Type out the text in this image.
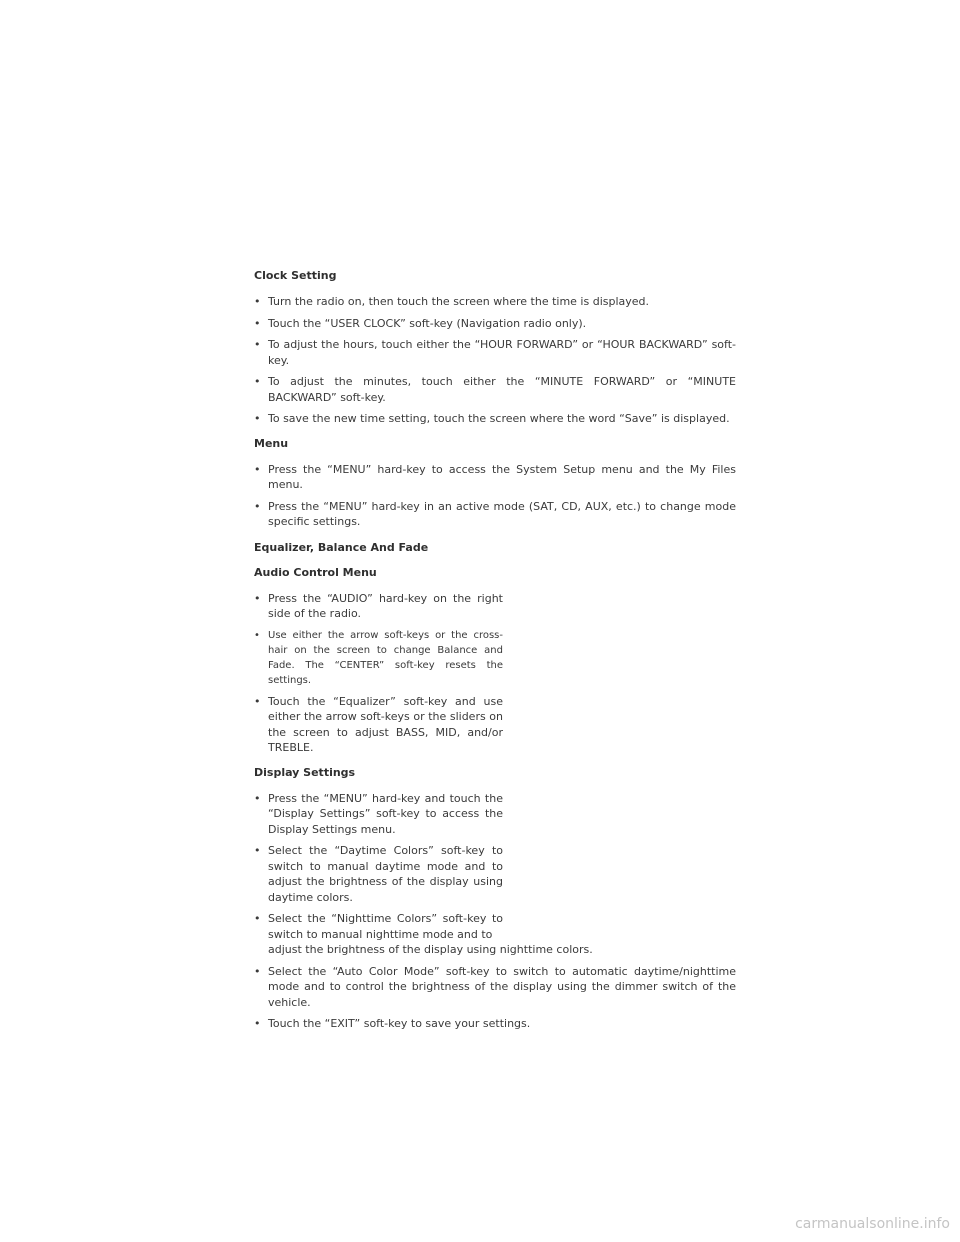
Clock Setting

• Turn the radio on, then touch the screen where the time is displayed.

• Touch the “USER CLOCK” soft-key (Navigation radio only).

• To adjust the hours, touch either the “HOUR FORWARD” or “HOUR BACKWARD” soft-key.

• To adjust the minutes, touch either the “MINUTE FORWARD” or “MINUTE BACKWARD” soft-key.

• To save the new time setting, touch the screen where the word “Save” is displayed.

Menu

• Press the “MENU” hard-key to access the System Setup menu and the My Files menu.

• Press the “MENU” hard-key in an active mode (SAT, CD, AUX, etc.) to change mode specific settings.

Equalizer, Balance And Fade

Audio Control Menu

• Press the “AUDIO” hard-key on the right side of the radio.

• Use either the arrow soft-keys or the cross-hair on the screen to change Balance and Fade. The “CENTER” soft-key resets the settings.

• Touch the “Equalizer” soft-key and use either the arrow soft-keys or the sliders on the screen to adjust BASS, MID, and/or TREBLE.

Display Settings

• Press the “MENU” hard-key and touch the “Display Settings” soft-key to access the Display Settings menu.

• Select the “Daytime Colors” soft-key to switch to manual daytime mode and to adjust the brightness of the display using daytime colors.

• Select the “Nighttime Colors” soft-key to switch to manual nighttime mode and to

adjust the brightness of the display using nighttime colors.

• Select the “Auto Color Mode” soft-key to switch to automatic daytime/nighttime mode and to control the brightness of the display using the dimmer switch of the vehicle.

• Touch the “EXIT” soft-key to save your settings.

carmanualsonline.info
